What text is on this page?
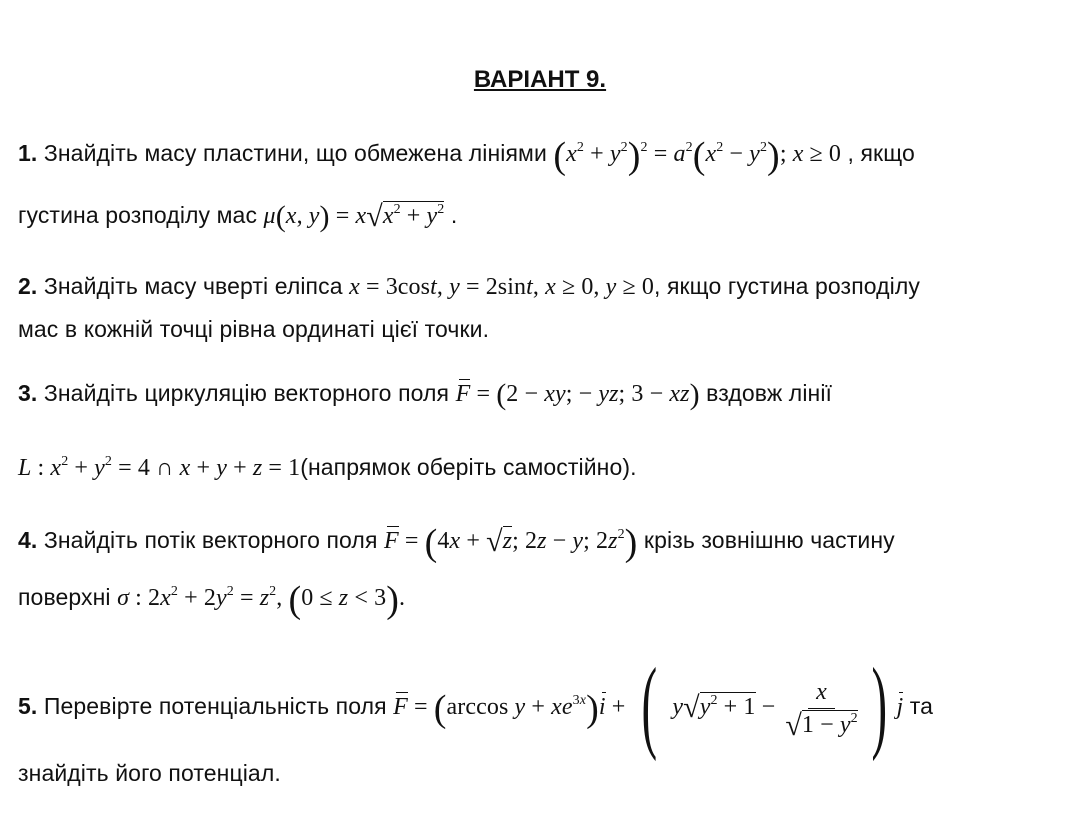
ВАРІАНТ 9.
1. Знайдіть масу пластини, що обмежена лініями $(x^2 + y^2)^2 = a^2(x^2 - y^2)$; x ≥ 0 , якщо
густина розподілу мас μ(x, $y) = x√x^2 + y^2$ .
2. Знайдіть масу чверті еліпса x = 3cost, y = 2sint, x ≥ 0, y ≥ 0, якщо густина розподілу
мас в кожній точці рівна ординаті цієї точки.
3. Знайдіть циркуляцію векторного поля F = (2 − xy; − yz; 3 − xz) вздовж лінії
L : $x^2 + y^2 = 4$ ∩ x + y + z = 1(напрямок оберіть самостійно).
4. Знайдіть потік векторного поля F = (4x + √z; 2z − y; $2z^2$) крізь зовнішню частину
поверхні σ : $2x^2 + 2y^2 = z^2$, (0 ≤ z < 3).
5. Перевірте потенціальність поля F = (arccos $y + xe^{3x})i$ + ( $y√y^2 + 1 - \frac{x}{√1 - y^2}$ ) j та
знайдіть його потенціал.
